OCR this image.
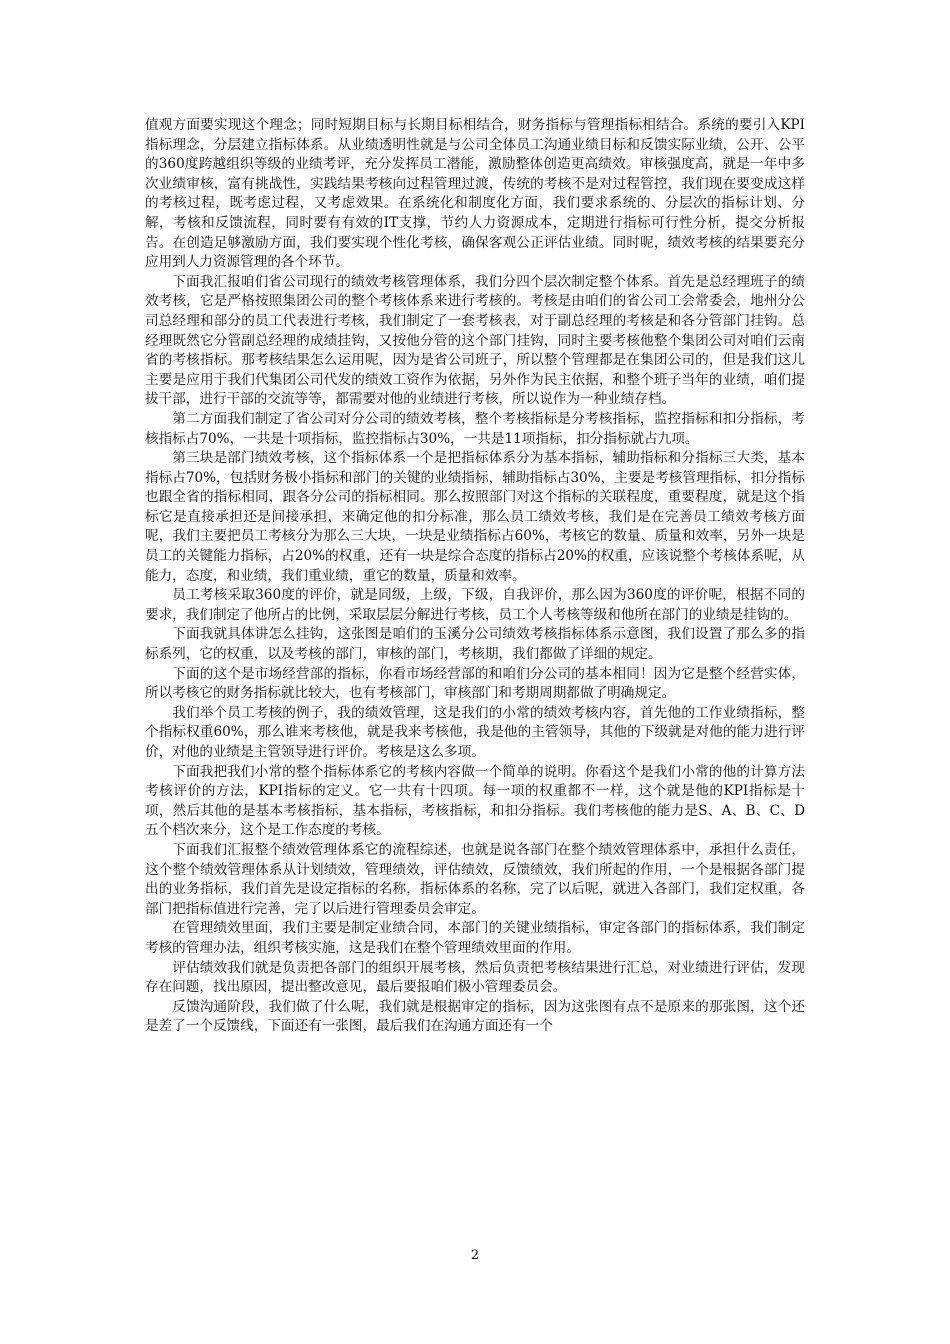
值观方面要实现这个理念；同时短期目标与长期目标相结合，财务指标与管理指标相结合。系统的要引入KPI指标理念，分层建立指标体系。从业绩透明性就是与公司全体员工沟通业绩目标和反馈实际业绩，公开、公平的360度跨越组织等级的业绩考评，充分发挥员工潜能，激励整体创造更高绩效。审核强度高，就是一年中多次业绩审核，富有挑战性，实践结果考核向过程管理过渡，传统的考核不是对过程管控，我们现在要变成这样的考核过程，既考虑过程，又考虑效果。在系统化和制度化方面，我们要求系统的、分层次的指标计划、分解，考核和反馈流程，同时要有有效的IT支撑，节约人力资源成本，定期进行指标可行性分析，提交分析报告。在创造足够激励方面，我们要实现个性化考核，确保客观公正评估业绩。同时呢，绩效考核的结果要充分应用到人力资源管理的各个环节。

下面我汇报咱们省公司现行的绩效考核管理体系，我们分四个层次制定整个体系。首先是总经理班子的绩效考核，它是严格按照集团公司的整个考核体系来进行考核的。考核是由咱们的省公司工会常委会，地州分公司总经理和部分的员工代表进行考核，我们制定了一套考核表，对于副总经理的考核是和各分管部门挂钩。总经理既然它分管副总经理的成绩挂钩，又按他分管的这个部门挂钩，同时主要考核他整个集团公司对咱们云南省的考核指标。那考核结果怎么运用呢，因为是省公司班子，所以整个管理都是在集团公司的，但是我们这儿主要是应用于我们代集团公司代发的绩效工资作为依据，另外作为民主依据，和整个班子当年的业绩，咱们提拔干部，进行干部的交流等等，都需要对他的业绩进行考核，所以说作为一种业绩存档。

第二方面我们制定了省公司对分公司的绩效考核，整个考核指标是分考核指标，监控指标和扣分指标，考核指标占70%，一共是十项指标，监控指标占30%，一共是11项指标，扣分指标就占九项。

第三块是部门绩效考核，这个指标体系一个是把指标体系分为基本指标，辅助指标和分指标三大类，基本指标占70%，包括财务极小指标和部门的关键的业绩指标，辅助指标占30%，主要是考核管理指标，扣分指标也跟全省的指标相同，跟各分公司的指标相同。那么按照部门对这个指标的关联程度，重要程度，就是这个指标它是直接承担还是间接承担，来确定他的扣分标准，那么员工绩效考核，我们是在完善员工绩效考核方面呢，我们主要把员工考核分为那么三大块，一块是业绩指标占60%，考核它的数量、质量和效率，另外一块是员工的关键能力指标，占20%的权重，还有一块是综合态度的指标占20%的权重，应该说整个考核体系呢，从能力，态度，和业绩，我们重业绩，重它的数量，质量和效率。

员工考核采取360度的评价，就是同级，上级，下级，自我评价，那么因为360度的评价呢，根据不同的要求，我们制定了他所占的比例，采取层层分解进行考核，员工个人考核等级和他所在部门的业绩是挂钩的。

下面我就具体讲怎么挂钩，这张图是咱们的玉溪分公司绩效考核指标体系示意图，我们设置了那么多的指标系列，它的权重，以及考核的部门，审核的部门，考核期，我们都做了详细的规定。

下面的这个是市场经营部的指标，你看市场经营部的和咱们分公司的基本相同！因为它是整个经营实体，所以考核它的财务指标就比较大，也有考核部门，审核部门和考期周期都做了明确规定。

我们举个员工考核的例子，我的绩效管理，这是我们的小常的绩效考核内容，首先他的工作业绩指标，整个指标权重60%，那么谁来考核他，就是我来考核他，我是他的主管领导，其他的下级就是对他的能力进行评价，对他的业绩是主管领导进行评价。考核是这么多项。

下面我把我们小常的整个指标体系它的考核内容做一个简单的说明。你看这个是我们小常的他的计算方法考核评价的方法，KPI指标的定义。它一共有十四项。每一项的权重都不一样，这个就是他的KPI指标是十项，然后其他的是基本考核指标，基本指标，考核指标，和扣分指标。我们考核他的能力是S、A、B、C、D五个档次来分，这个是工作态度的考核。

下面我们汇报整个绩效管理体系它的流程综述，也就是说各部门在整个绩效管理体系中，承担什么责任，这个整个绩效管理体系从计划绩效，管理绩效，评估绩效，反馈绩效，我们所起的作用，一个是根据各部门提出的业务指标，我们首先是设定指标的名称，指标体系的名称，完了以后呢，就进入各部门，我们定权重，各部门把指标值进行完善，完了以后进行管理委员会审定。

在管理绩效里面，我们主要是制定业绩合同，本部门的关键业绩指标，审定各部门的指标体系，我们制定考核的管理办法，组织考核实施，这是我们在整个管理绩效里面的作用。

评估绩效我们就是负责把各部门的组织开展考核，然后负责把考核结果进行汇总，对业绩进行评估，发现存在问题，找出原因，提出整改意见，最后要报咱们极小管理委员会。

反馈沟通阶段，我们做了什么呢，我们就是根据审定的指标，因为这张图有点不是原来的那张图，这个还是差了一个反馈线，下面还有一张图，最后我们在沟通方面还有一个

2
